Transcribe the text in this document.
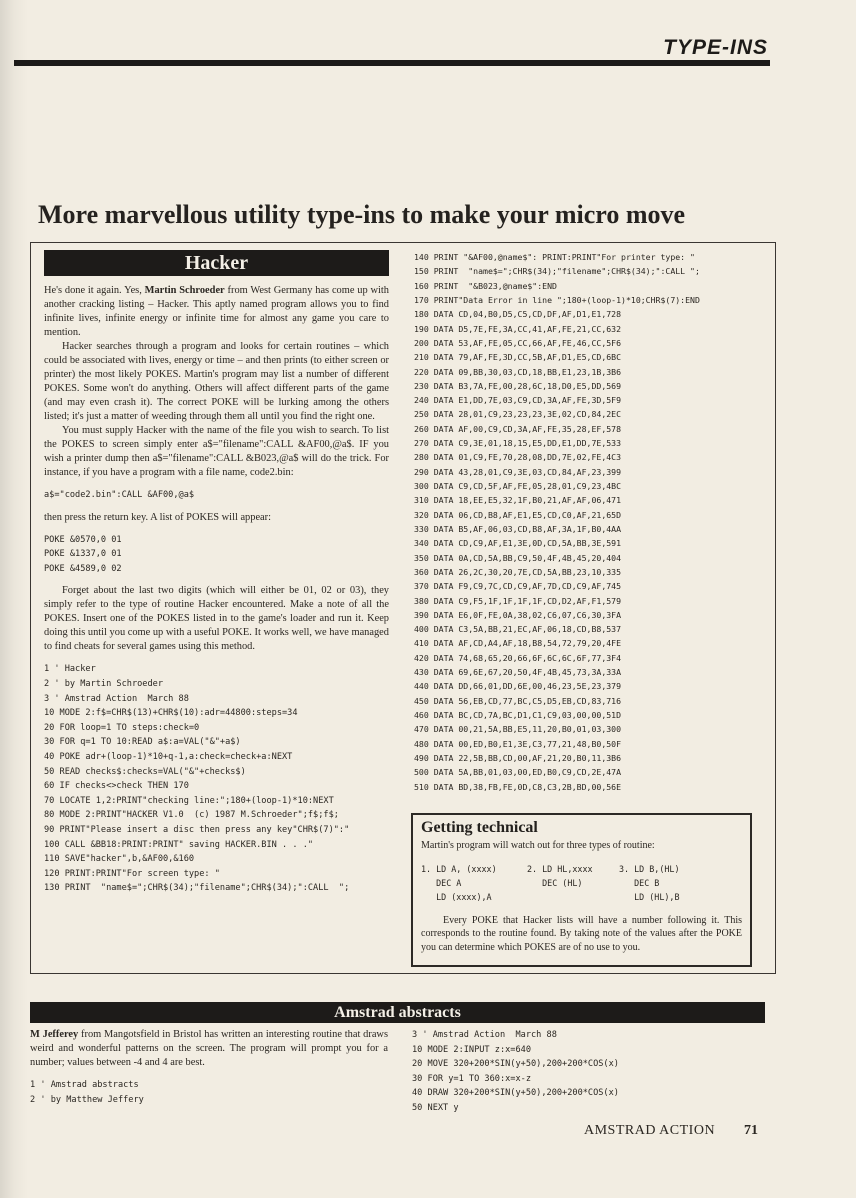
TYPE-INS
More marvellous utility type-ins to make your micro move
Hacker

He's done it again. Yes, Martin Schroeder from West Germany has come up with another cracking listing – Hacker. This aptly named program allows you to find infinite lives, infinite energy or infinite time for almost any game you care to mention.

Hacker searches through a program and looks for certain routines – which could be associated with lives, energy or time – and then prints (to either screen or printer) the most likely POKES. Martin's program may list a number of different POKES. Some won't do anything. Others will affect different parts of the game (and may even crash it). The correct POKE will be lurking among the others listed; it's just a matter of weeding through them all until you find the right one.

You must supply Hacker with the name of the file you wish to search. To list the POKES to screen simply enter a$="filename":CALL &AF00,@a$. IF you wish a printer dump then a$="filename":CALL &B023,@a$ will do the trick. For instance, if you have a program with a file name, code2.bin:

a$="code2.bin":CALL &AF00,@a$

then press the return key. A list of POKES will appear:

POKE &0570,0 01
POKE &1337,0 01
POKE &4589,0 02

Forget about the last two digits (which will either be 01, 02 or 03), they simply refer to the type of routine Hacker encountered. Make a note of all the POKES. Insert one of the POKES listed in to the game's loader and run it. Keep doing this until you come up with a useful POKE. It works well, we have managed to find cheats for several games using this method.

1 ' Hacker
2 ' by Martin Schroeder
3 ' Amstrad Action  March 88
10 MODE 2:f$=CHR$(13)+CHR$(10):adr=44800:steps=34
20 FOR loop=1 TO steps:check=0
30 FOR q=1 TO 10:READ a$:a=VAL("&"+a$)
40 POKE adr+(loop-1)*10+q-1,a:check=check+a:NEXT
50 READ checks$:checks=VAL("&"+checks$)
60 IF checks<>check THEN 170
70 LOCATE 1,2:PRINT"checking line:";180+(loop-1)*10:NEXT
80 MODE 2:PRINT"HACKER V1.0  (c) 1987 M.Schroeder";f$;f$;
90 PRINT"Please insert a disc then press any key"CHR$(7)":"
100 CALL &BB18:PRINT:PRINT" saving HACKER.BIN . . ."
110 SAVE"hacker",b,&AF00,&160
120 PRINT:PRINT"For screen type: "
130 PRINT  "name$=";CHR$(34);"filename";CHR$(34);":CALL  ";
140 PRINT "&AF00,@name$": PRINT:PRINT"For printer type: "
150 PRINT  "name$=";CHR$(34);"filename";CHR$(34);":CALL ";
160 PRINT  "&B023,@name$":END
170 PRINT"Data Error in line ";180+(loop-1)*10;CHR$(7):END
180 DATA CD,04,B0,D5,C5,CD,DF,AF,D1,E1,728
190 DATA D5,7E,FE,3A,CC,41,AF,FE,21,CC,632
200 DATA 53,AF,FE,05,CC,66,AF,FE,46,CC,5F6
210 DATA 79,AF,FE,3D,CC,5B,AF,D1,E5,CD,6BC
220 DATA 09,BB,30,03,CD,18,BB,E1,23,1B,3B6
230 DATA B3,7A,FE,00,28,6C,18,D0,E5,DD,569
240 DATA E1,DD,7E,03,C9,CD,3A,AF,FE,3D,5F9
250 DATA 28,01,C9,23,23,23,3E,02,CD,84,2EC
260 DATA AF,00,C9,CD,3A,AF,FE,35,28,EF,578
270 DATA C9,3E,01,18,15,E5,DD,E1,DD,7E,533
280 DATA 01,C9,FE,70,28,08,DD,7E,02,FE,4C3
290 DATA 43,28,01,C9,3E,03,CD,84,AF,23,399
300 DATA C9,CD,5F,AF,FE,05,28,01,C9,23,4BC
310 DATA 18,EE,E5,32,1F,B0,21,AF,AF,06,471
320 DATA 06,CD,B8,AF,E1,E5,CD,C0,AF,21,65D
330 DATA B5,AF,06,03,CD,B8,AF,3A,1F,B0,4AA
340 DATA CD,C9,AF,E1,3E,0D,CD,5A,BB,3E,591
350 DATA 0A,CD,5A,BB,C9,50,4F,4B,45,20,404
360 DATA 26,2C,30,20,7E,CD,5A,BB,23,10,335
370 DATA F9,C9,7C,CD,C9,AF,7D,CD,C9,AF,745
380 DATA C9,F5,1F,1F,1F,1F,CD,D2,AF,F1,579
390 DATA E6,0F,FE,0A,38,02,C6,07,C6,30,3FA
400 DATA C3,5A,BB,21,EC,AF,06,18,CD,B8,537
410 DATA AF,CD,A4,AF,18,B8,54,72,79,20,4FE
420 DATA 74,68,65,20,66,6F,6C,6C,6F,77,3F4
430 DATA 69,6E,67,20,50,4F,4B,45,73,3A,33A
440 DATA DD,66,01,DD,6E,00,46,23,5E,23,379
450 DATA 56,EB,CD,77,BC,C5,D5,EB,CD,83,716
460 DATA BC,CD,7A,BC,D1,C1,C9,03,00,00,51D
470 DATA 00,21,5A,BB,E5,11,20,B0,01,03,300
480 DATA 00,ED,B0,E1,3E,C3,77,21,48,B0,50F
490 DATA 22,5B,BB,CD,00,AF,21,20,B0,11,3B6
500 DATA 5A,BB,01,03,00,ED,B0,C9,CD,2E,47A
510 DATA BD,38,FB,FE,0D,C8,C3,2B,BD,00,56E
Getting technical
Martin's program will watch out for three types of routine:
1. LD A, (xxxx)
DEC A
LD (xxxx),A
2. LD HL,xxxx
DEC (HL)
3. LD B,(HL)
DEC B
LD (HL),B
Every POKE that Hacker lists will have a number following it. This corresponds to the routine found. By taking note of the values after the POKE you can determine which POKES are of no use to you.
Amstrad abstracts

M Jefferey from Mangotsfield in Bristol has written an interesting routine that draws weird and wonderful patterns on the screen. The program will prompt you for a number; values between -4 and 4 are best.

1 ' Amstrad abstracts
2 ' by Matthew Jeffery
3 ' Amstrad Action  March 88
10 MODE 2:INPUT z:x=640
20 MOVE 320+200*SIN(y+50),200+200*COS(x)
30 FOR y=1 TO 360:x=x-z
40 DRAW 320+200*SIN(y+50),200+200*COS(x)
50 NEXT y
AMSTRAD ACTION 71
